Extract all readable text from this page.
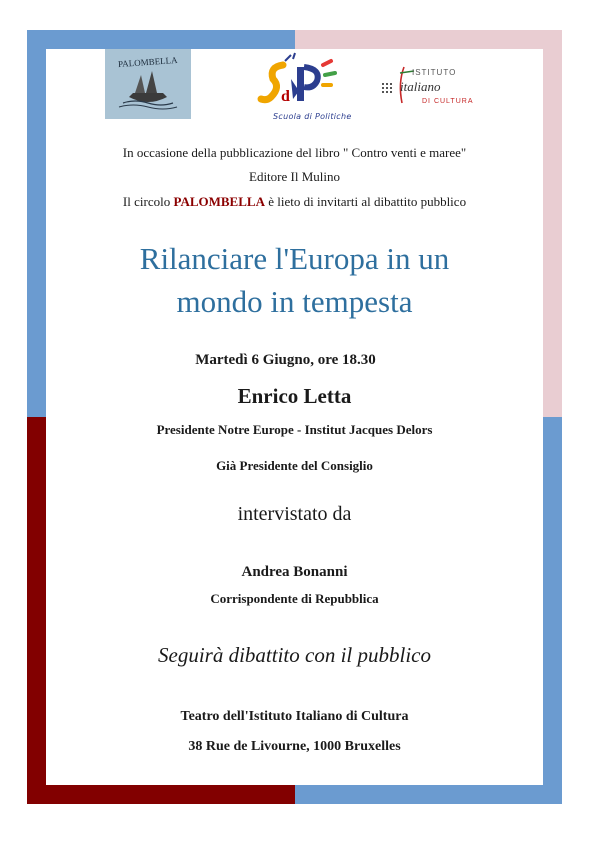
PALOMBELLA
d
Scuola di Politiche
ISTITUTO
italiano
DI CULTURA
In occasione della pubblicazione del libro " Contro venti e maree"
Editore Il Mulino
Il circolo PALOMBELLA è lieto di invitarti al dibattito pubblico
Rilanciare l'Europa in un
mondo in tempesta
Martedì 6 Giugno, ore 18.30
Enrico Letta
Presidente Notre Europe - Institut Jacques Delors
Già Presidente del Consiglio
intervistato da
Andrea Bonanni
Corrispondente di Repubblica
Seguirà dibattito con il pubblico
Teatro dell'Istituto Italiano di Cultura
38 Rue de Livourne, 1000 Bruxelles
